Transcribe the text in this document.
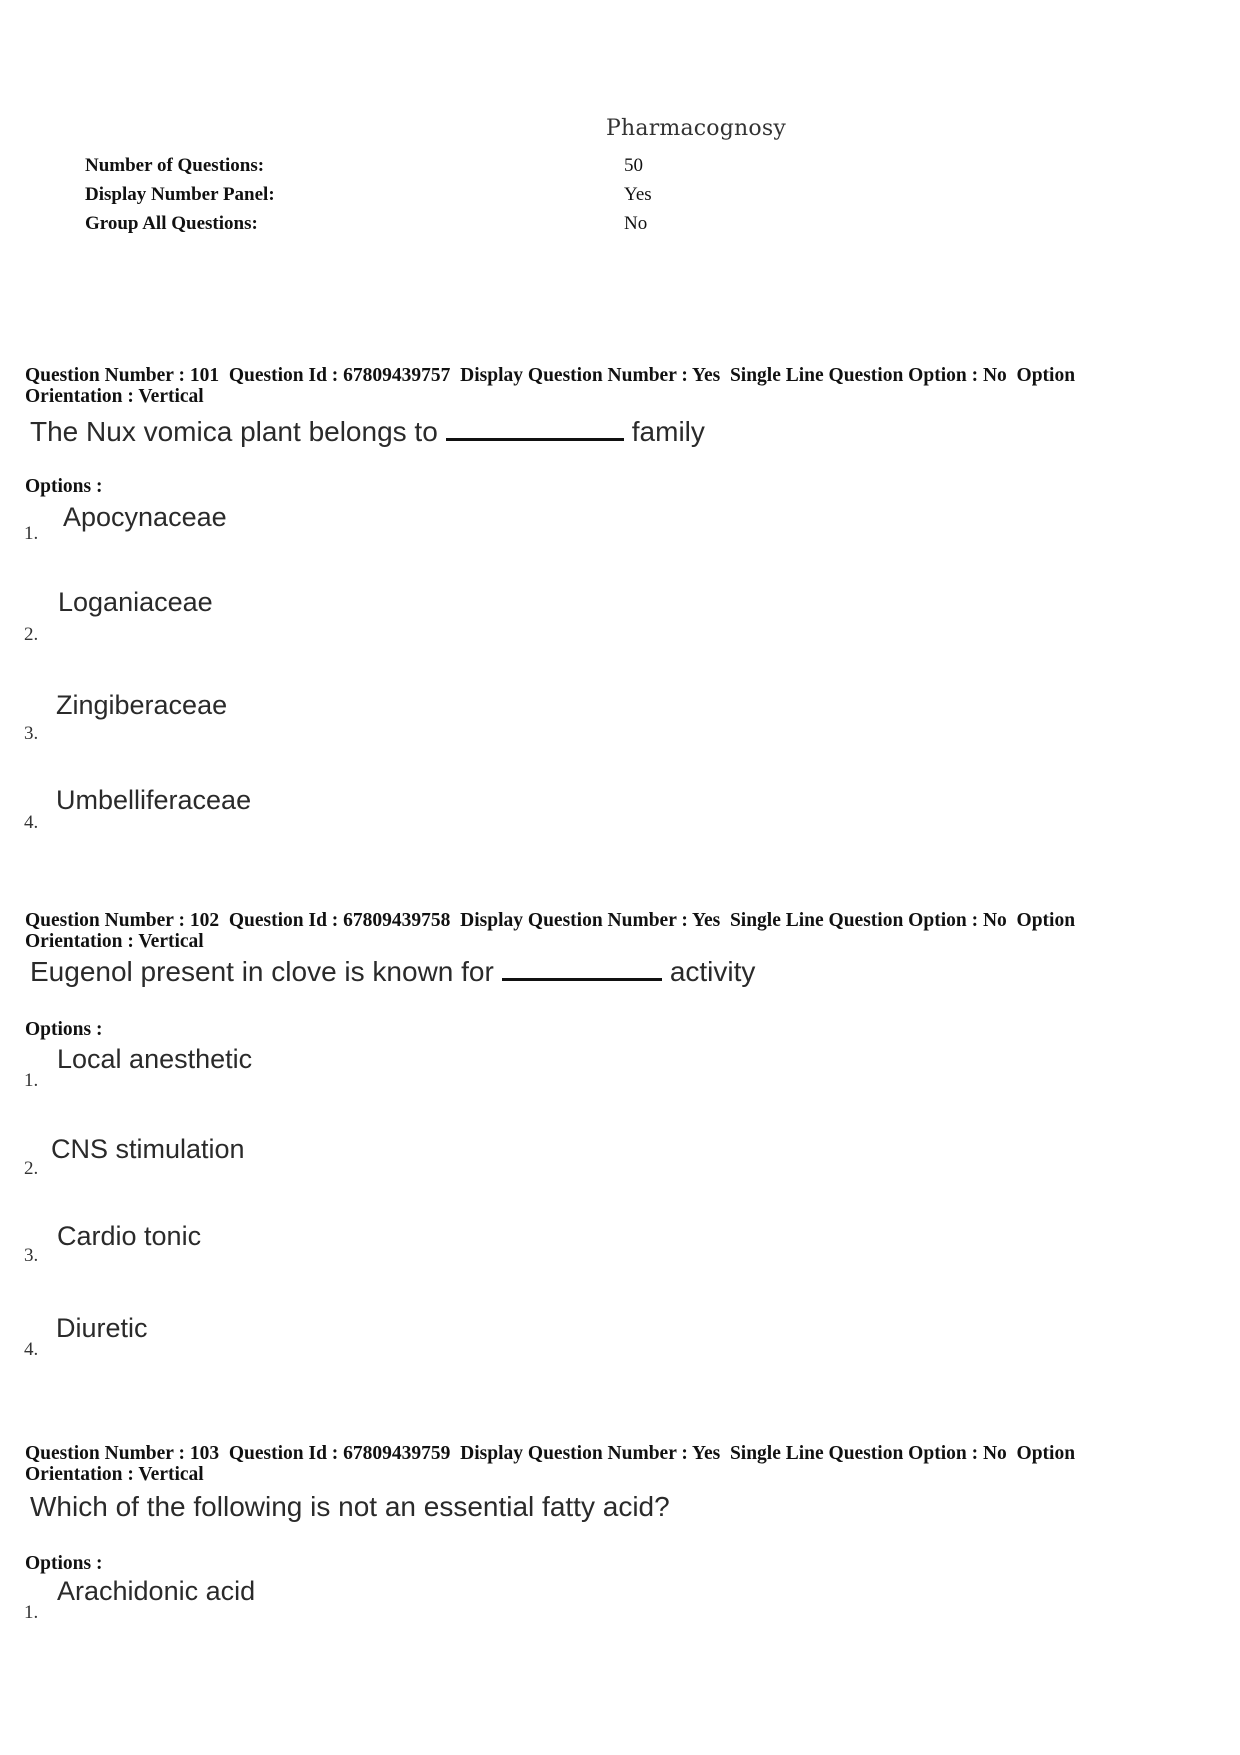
Pharmacognosy
Number of Questions:	50
Display Number Panel:	Yes
Group All Questions:	No
Question Number : 101  Question Id : 67809439757  Display Question Number : Yes  Single Line Question Option : No  Option
Orientation : Vertical
The Nux vomica plant belongs to	family
Options :
1.
Apocynaceae
2.
Loganiaceae
3.
Zingiberaceae
4.
Umbelliferaceae
Question Number : 102  Question Id : 67809439758  Display Question Number : Yes  Single Line Question Option : No  Option
Orientation : Vertical
Eugenol present in clove is known for	activity
Options :
1.
Local anesthetic
2.
CNS stimulation
3.
Cardio tonic
4.
Diuretic
Question Number : 103  Question Id : 67809439759  Display Question Number : Yes  Single Line Question Option : No  Option
Orientation : Vertical
Which of the following is not an essential fatty acid?
Options :
1.
Arachidonic acid
